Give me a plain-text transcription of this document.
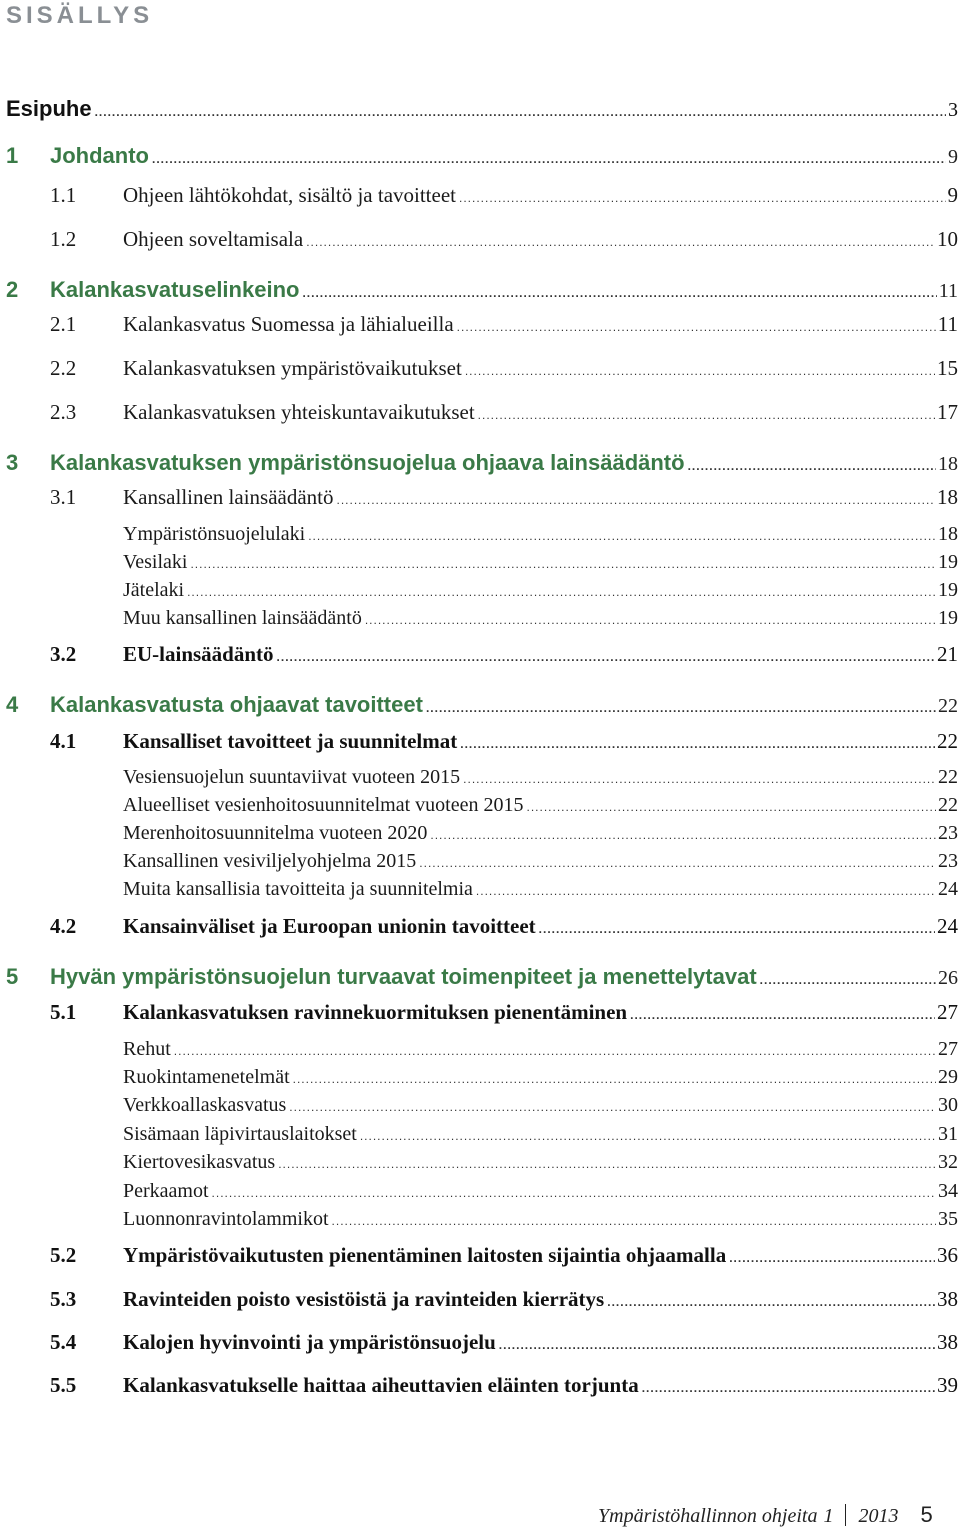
SISÄLLYS
Esipuhe .....	3
1 Johdanto .....	9
1.1 Ohjeen lähtökohdat, sisältö ja tavoitteet .....	9
1.2 Ohjeen soveltamisala .....	10
2 Kalankasvatuselinkeino .....	11
2.1 Kalankasvatus Suomessa ja lähialueilla .....	11
2.2 Kalankasvatuksen ympäristövaikutukset .....	15
2.3 Kalankasvatuksen yhteiskuntavaikutukset .....	17
3 Kalankasvatuksen ympäristönsuojelua ohjaava lainsäädäntö .....	18
3.1 Kansallinen lainsäädäntö .....	18
Ympäristönsuojelulaki .....	18
Vesilaki .....	19
Jätelaki .....	19
Muu kansallinen lainsäädäntö .....	19
3.2 EU-lainsäädäntö .....	21
4 Kalankasvatusta ohjaavat tavoitteet .....	22
4.1 Kansalliset tavoitteet ja suunnitelmat .....	22
Vesiensuojelun suuntaviivat vuoteen 2015 .....	22
Alueelliset vesienhoitosuunnitelmat vuoteen 2015 .....	22
Merenhoitosuunnitelma vuoteen 2020 .....	23
Kansallinen vesiviljelyohjelma 2015 .....	23
Muita kansallisia tavoitteita ja suunnitelmia .....	24
4.2 Kansainväliset ja Euroopan unionin tavoitteet .....	24
5 Hyvän ympäristönsuojelun turvaavat toimenpiteet ja menettelytavat .....	26
5.1 Kalankasvatuksen ravinnekuormituksen pienentäminen .....	27
Rehut .....	27
Ruokintamenetelmät .....	29
Verkkoallaskasvatus .....	30
Sisämaan läpivirtauslaitokset .....	31
Kiertovesikasvatus .....	32
Perkaamot .....	34
Luonnonravintolammikot .....	35
5.2 Ympäristövaikutusten pienentäminen laitosten sijaintia ohjaamalla .....	36
5.3 Ravinteiden poisto vesistöistä ja ravinteiden kierrätys .....	38
5.4 Kalojen hyvinvointi ja ympäristönsuojelu .....	38
5.5 Kalankasvatukselle haittaa aiheuttavien eläinten torjunta .....	39
Ympäristöhallinnon ohjeita 1 2013 5
